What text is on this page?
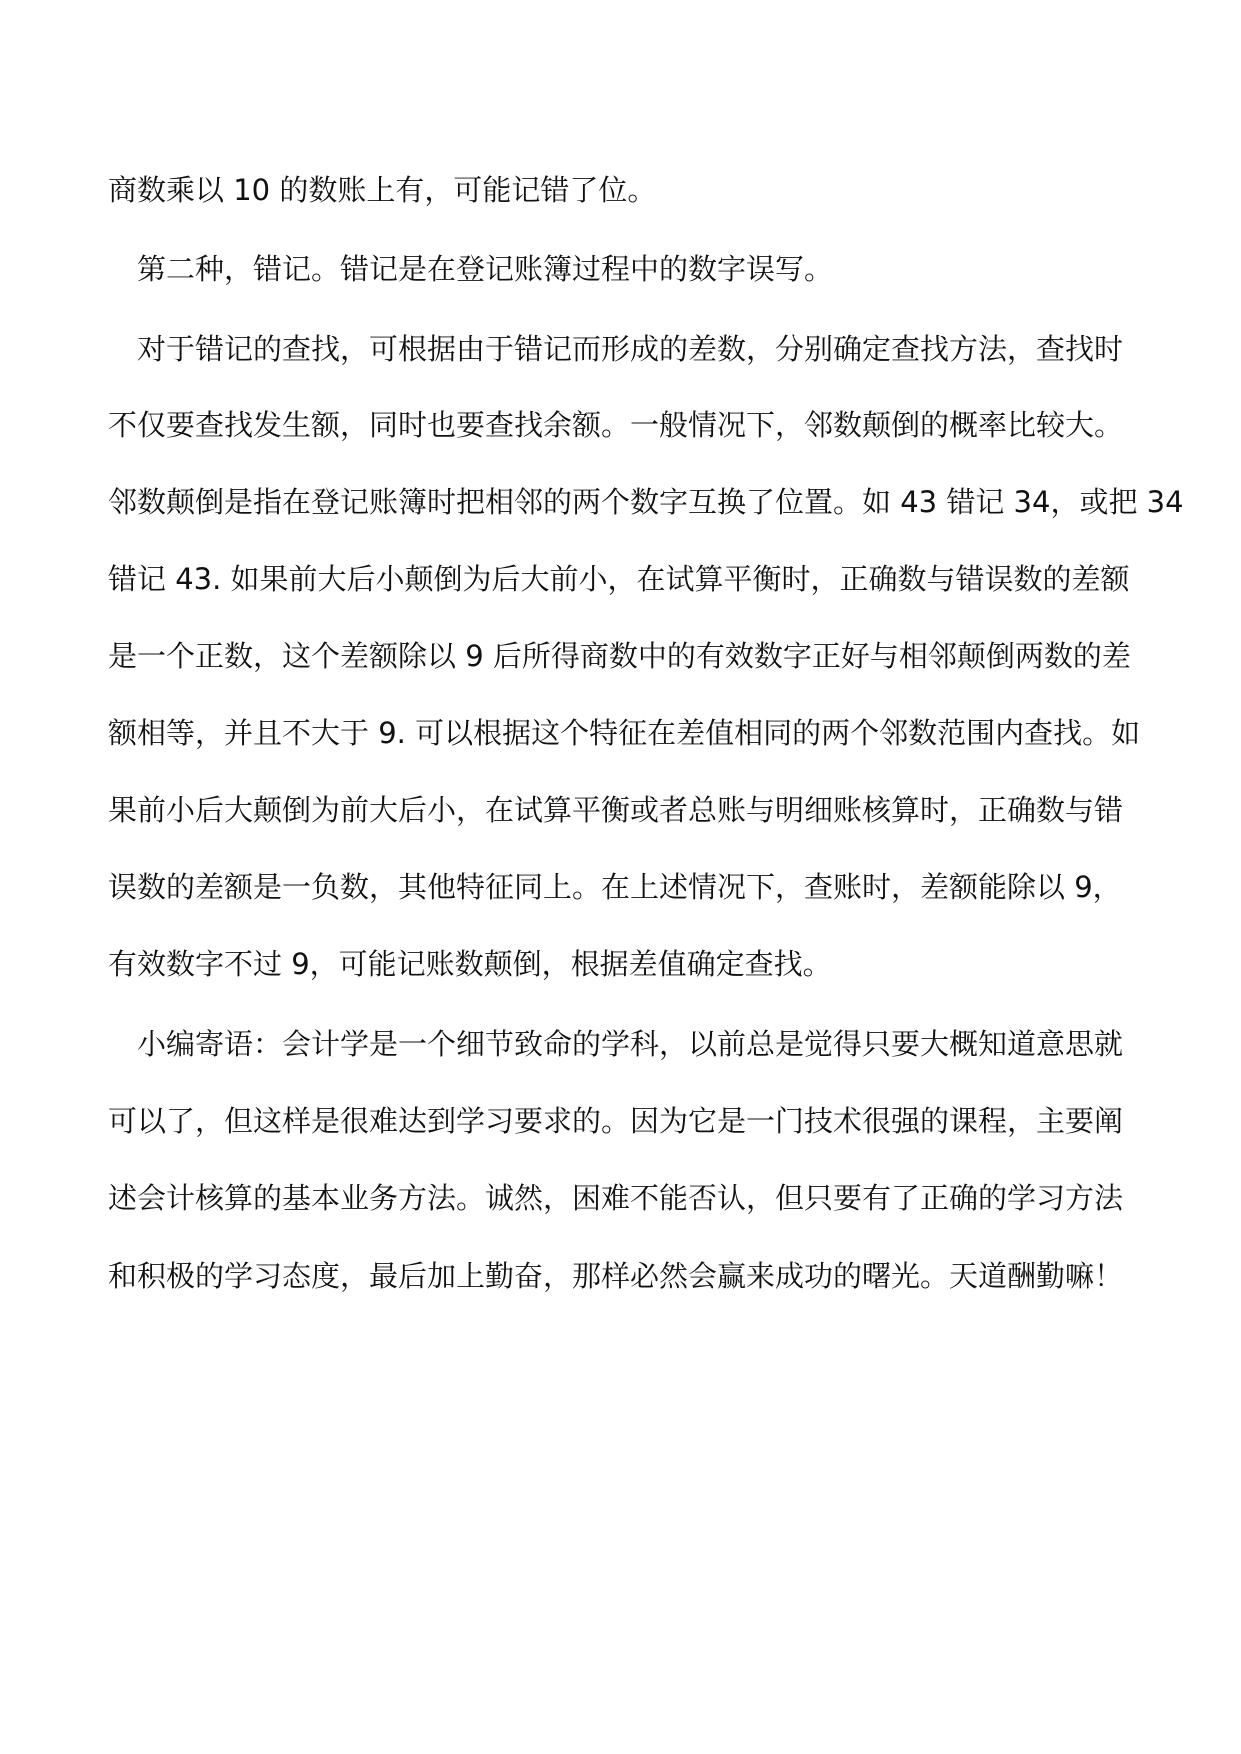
商数乘以 10 的数账上有，可能记错了位。
第二种，错记。错记是在登记账簿过程中的数字误写。
对于错记的查找，可根据由于错记而形成的差数，分别确定查找方法，查找时
不仅要查找发生额，同时也要查找余额。一般情况下，邻数颠倒的概率比较大。
邻数颠倒是指在登记账簿时把相邻的两个数字互换了位置。如 43 错记 34，或把 34
错记 43. 如果前大后小颠倒为后大前小，在试算平衡时，正确数与错误数的差额
是一个正数，这个差额除以 9 后所得商数中的有效数字正好与相邻颠倒两数的差
额相等，并且不大于 9. 可以根据这个特征在差值相同的两个邻数范围内查找。如
果前小后大颠倒为前大后小，在试算平衡或者总账与明细账核算时，正确数与错
误数的差额是一负数，其他特征同上。在上述情况下，查账时，差额能除以 9，
有效数字不过 9，可能记账数颠倒，根据差值确定查找。
小编寄语：会计学是一个细节致命的学科，以前总是觉得只要大概知道意思就
可以了，但这样是很难达到学习要求的。因为它是一门技术很强的课程，主要阐
述会计核算的基本业务方法。诚然，困难不能否认，但只要有了正确的学习方法
和积极的学习态度，最后加上勤奋，那样必然会赢来成功的曙光。天道酬勤嘛！
